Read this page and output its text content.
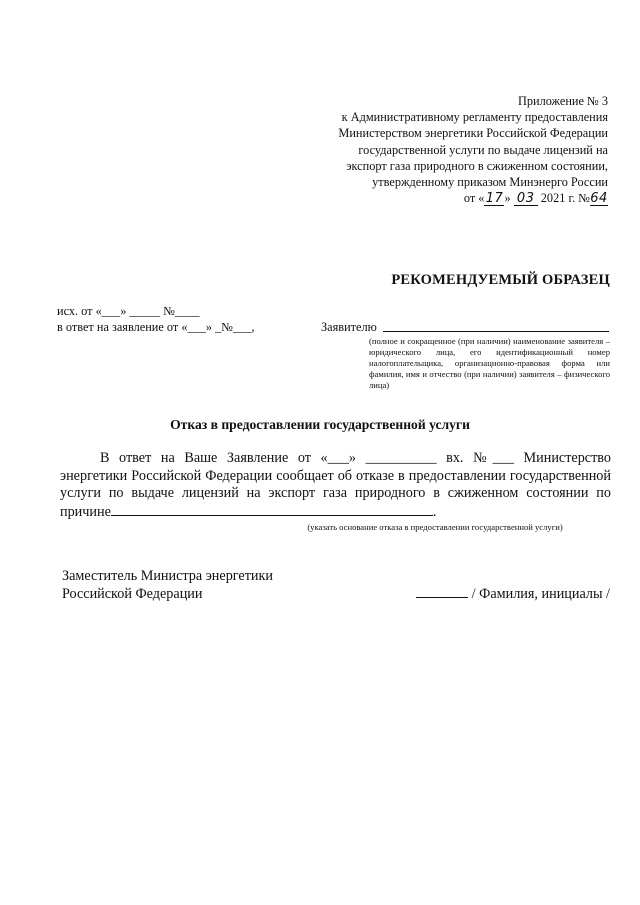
Приложение № 3
к Административному регламенту предоставления
Министерством энергетики Российской Федерации
государственной услуги по выдаче лицензий на
экспорт газа природного в сжиженном состоянии,
утвержденному приказом Минэнерго России
от «17» 03 2021 г. №64
РЕКОМЕНДУЕМЫЙ ОБРАЗЕЦ
исх. от «___» _____ №____
в ответ на заявление от «___» _№___,	Заявителю
(полное и сокращенное (при наличии) наименование заявителя – юридического лица, его идентификационный номер налогоплательщика, организационно-правовая форма или фамилия, имя и отчество (при наличии) заявителя – физического лица)
Отказ в предоставлении государственной услуги
В ответ на Ваше Заявление от «___» __________ вх. №___ Министерство энергетики Российской Федерации сообщает об отказе в предоставлении государственной услуги по выдаче лицензий на экспорт газа природного в сжиженном состоянии по причине	.
(указать основание отказа в предоставлении государственной услуги)
Заместитель Министра энергетики
Российской Федерации	/ Фамилия, инициалы /
